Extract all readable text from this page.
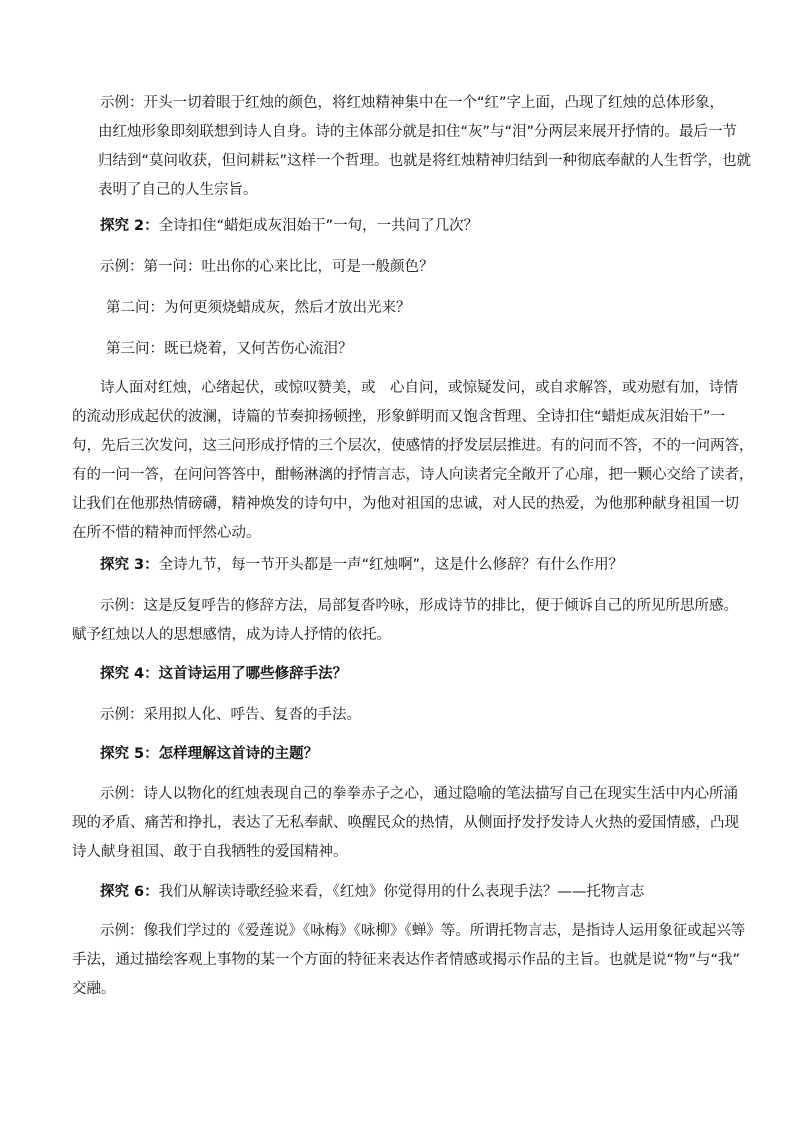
示例：开头一切着眼于红烛的颜色，将红烛精神集中在一个“红”字上面，凸现了红烛的总体形象，
由红烛形象即刻联想到诗人自身。诗的主体部分就是扣住“灰”与“泪”分两层来展开抒情的。最后一节
归结到“莫问收获，但问耕耘”这样一个哲理。也就是将红烛精神归结到一种彻底奉献的人生哲学，也就
表明了自己的人生宗旨。

探究 2：全诗扣住“蜡炬成灰泪始干”一句，一共问了几次？

示例：第一问：吐出你的心来比比，可是一般颜色？

第二问：为何更须烧蜡成灰，然后才放出光来？

第三问：既已烧着，又何苦伤心流泪？

诗人面对红烛，心绪起伏，或惊叹赞美，或　心自问，或惊疑发问，或自求解答，或劝慰有加，诗情
的流动形成起伏的波澜，诗篇的节奏抑扬顿挫，形象鲜明而又饱含哲理、全诗扣住“蜡炬成灰泪始干”一
句，先后三次发问，这三问形成抒情的三个层次，使感情的抒发层层推进。有的问而不答，不的一问两答，
有的一问一答，在问问答答中，酣畅淋漓的抒情言志，诗人向读者完全敞开了心扉，把一颗心交给了读者，
让我们在他那热情磅礴，精神焕发的诗句中，为他对祖国的忠诚，对人民的热爱，为他那种献身祖国一切
在所不惜的精神而怦然心动。

探究 3：全诗九节，每一节开头都是一声“红烛啊”，这是什么修辞？有什么作用？

示例：这是反复呼告的修辞方法，局部复沓吟咏，形成诗节的排比，便于倾诉自己的所见所思所感。
赋予红烛以人的思想感情，成为诗人抒情的依托。

探究 4：这首诗运用了哪些修辞手法？

示例：采用拟人化、呼告、复沓的手法。

探究 5：怎样理解这首诗的主题？

示例：诗人以物化的红烛表现自己的拳拳赤子之心，通过隐喻的笔法描写自己在现实生活中内心所涌
现的矛盾、痛苦和挣扎，表达了无私奉献、唤醒民众的热情，从侧面抒发抒发诗人火热的爱国情感，凸现
诗人献身祖国、敢于自我牺牲的爱国精神。

探究 6：我们从解读诗歌经验来看，《红烛》你觉得用的什么表现手法？——托物言志

示例：像我们学过的《爱莲说》《咏梅》《咏柳》《蝉》等。所谓托物言志，是指诗人运用象征或起兴等
手法，通过描绘客观上事物的某一个方面的特征来表达作者情感或揭示作品的主旨。也就是说“物”与“我”
交融。
